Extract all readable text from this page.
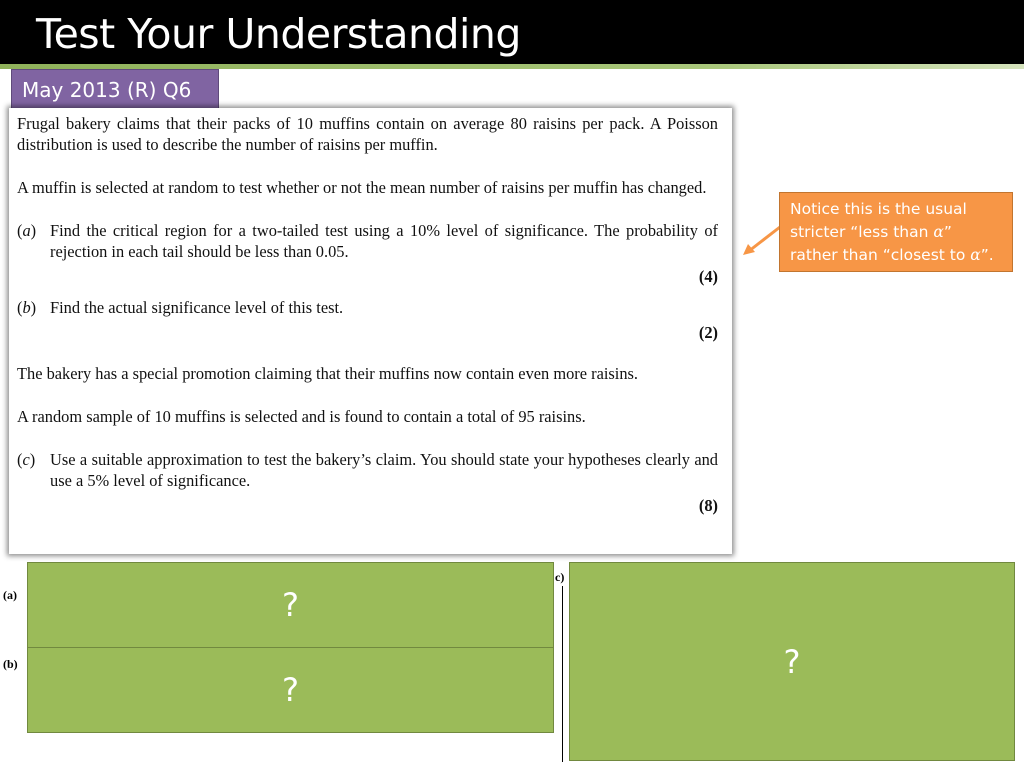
Test Your Understanding
May 2013 (R) Q6
Frugal bakery claims that their packs of 10 muffins contain on average 80 raisins per pack. A Poisson distribution is used to describe the number of raisins per muffin.
A muffin is selected at random to test whether or not the mean number of raisins per muffin has changed.
(a) Find the critical region for a two-tailed test using a 10% level of significance. The probability of rejection in each tail should be less than 0.05.
(4)
(b) Find the actual significance level of this test.
(2)
The bakery has a special promotion claiming that their muffins now contain even more raisins.
A random sample of 10 muffins is selected and is found to contain a total of 95 raisins.
(c) Use a suitable approximation to test the bakery’s claim. You should state your hypotheses clearly and use a 5% level of significance.
(8)
Notice this is the usual
stricter “less than α”
rather than “closest to α”.
(a)
(b)
c)
?
?
?
